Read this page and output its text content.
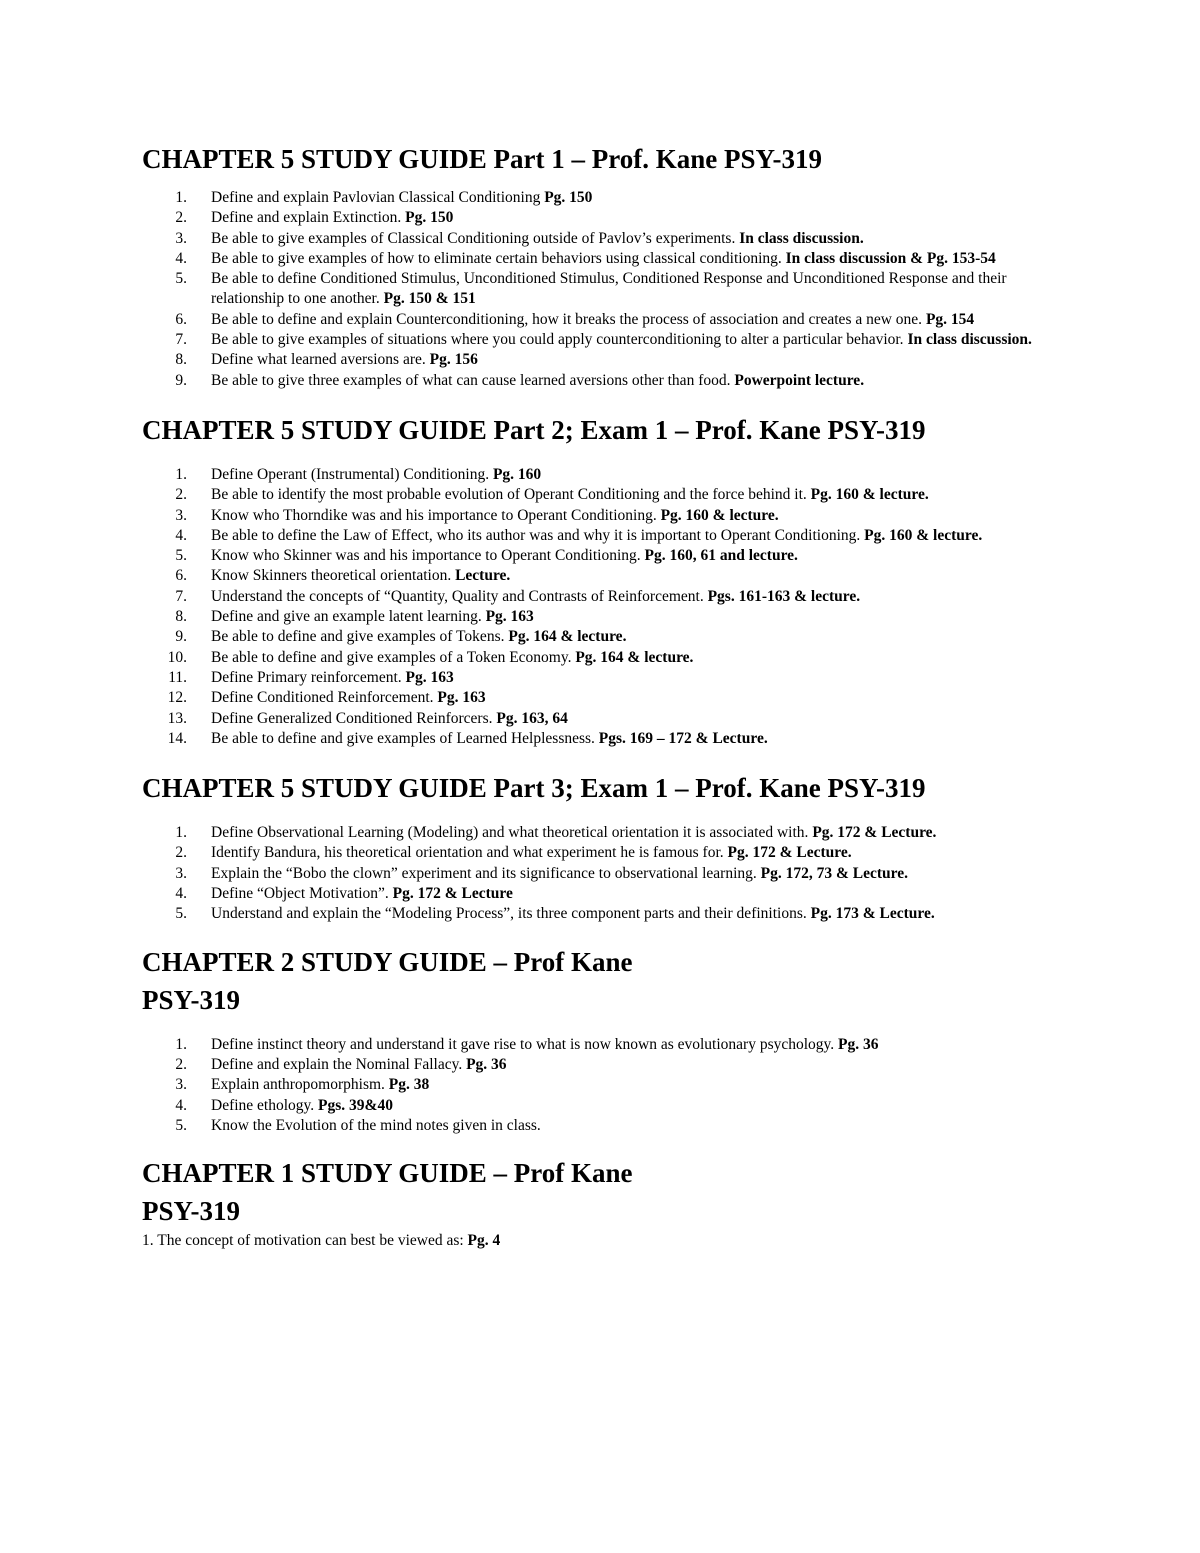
CHAPTER 5 STUDY GUIDE Part 1 – Prof. Kane PSY-319
1. Define and explain Pavlovian Classical Conditioning Pg. 150
2. Define and explain Extinction. Pg. 150
3. Be able to give examples of Classical Conditioning outside of Pavlov’s experiments. In class discussion.
4. Be able to give examples of how to eliminate certain behaviors using classical conditioning. In class discussion & Pg. 153-54
5. Be able to define Conditioned Stimulus, Unconditioned Stimulus, Conditioned Response and Unconditioned Response and their relationship to one another. Pg. 150 & 151
6. Be able to define and explain Counterconditioning, how it breaks the process of association and creates a new one. Pg. 154
7. Be able to give examples of situations where you could apply counterconditioning to alter a particular behavior. In class discussion.
8. Define what learned aversions are. Pg. 156
9. Be able to give three examples of what can cause learned aversions other than food. Powerpoint lecture.
CHAPTER 5 STUDY GUIDE Part 2; Exam 1 – Prof. Kane PSY-319
1. Define Operant (Instrumental) Conditioning. Pg. 160
2. Be able to identify the most probable evolution of Operant Conditioning and the force behind it. Pg. 160 & lecture.
3. Know who Thorndike was and his importance to Operant Conditioning. Pg. 160 & lecture.
4. Be able to define the Law of Effect, who its author was and why it is important to Operant Conditioning. Pg. 160 & lecture.
5. Know who Skinner was and his importance to Operant Conditioning. Pg. 160, 61 and lecture.
6. Know Skinners theoretical orientation. Lecture.
7. Understand the concepts of “Quantity, Quality and Contrasts of Reinforcement. Pgs. 161-163 & lecture.
8. Define and give an example latent learning. Pg. 163
9. Be able to define and give examples of Tokens. Pg. 164 & lecture.
10. Be able to define and give examples of a Token Economy. Pg. 164 & lecture.
11. Define Primary reinforcement. Pg. 163
12. Define Conditioned Reinforcement. Pg. 163
13. Define Generalized Conditioned Reinforcers. Pg. 163, 64
14. Be able to define and give examples of Learned Helplessness. Pgs. 169 – 172 & Lecture.
CHAPTER 5 STUDY GUIDE Part 3; Exam 1 – Prof. Kane PSY-319
1. Define Observational Learning (Modeling) and what theoretical orientation it is associated with. Pg. 172 & Lecture.
2. Identify Bandura, his theoretical orientation and what experiment he is famous for. Pg. 172 & Lecture.
3. Explain the “Bobo the clown” experiment and its significance to observational learning. Pg. 172, 73 & Lecture.
4. Define “Object Motivation”. Pg. 172 & Lecture
5. Understand and explain the “Modeling Process”, its three component parts and their definitions. Pg. 173 & Lecture.
CHAPTER 2 STUDY GUIDE – Prof Kane
PSY-319
1. Define instinct theory and understand it gave rise to what is now known as evolutionary psychology. Pg. 36
2. Define and explain the Nominal Fallacy. Pg. 36
3. Explain anthropomorphism. Pg. 38
4. Define ethology. Pgs. 39&40
5. Know the Evolution of the mind notes given in class.
CHAPTER 1 STUDY GUIDE – Prof Kane
PSY-319

1. The concept of motivation can best be viewed as: Pg. 4
